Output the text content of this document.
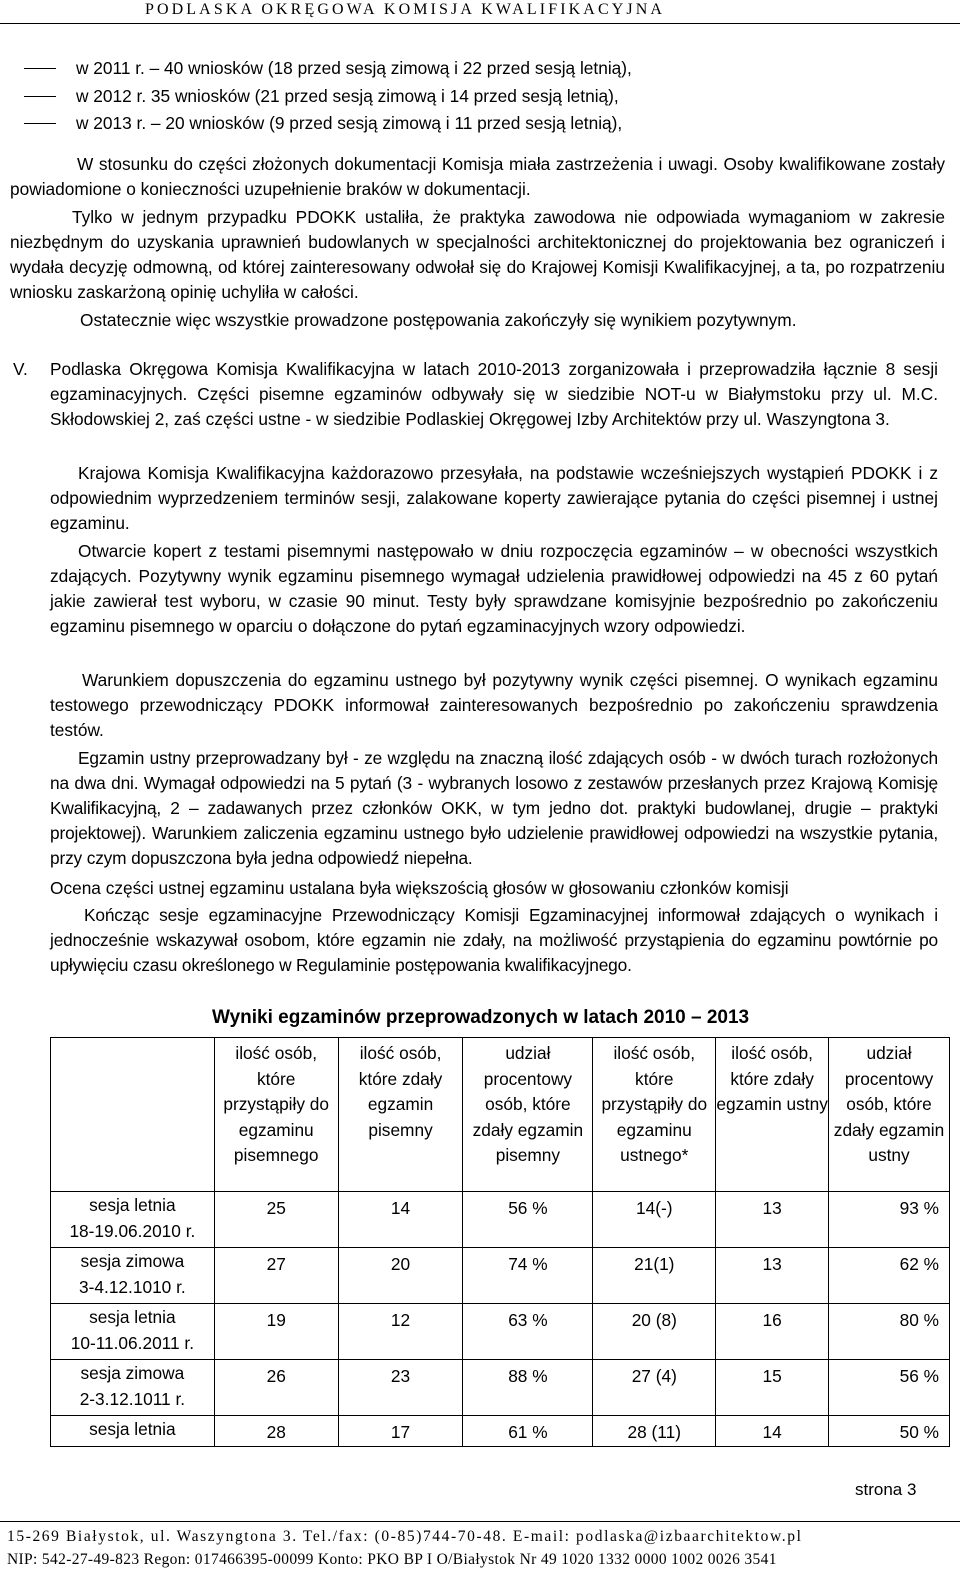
PODLASKA OKRĘGOWA KOMISJA KWALIFIKACYJNA
w 2011 r. – 40 wniosków (18 przed sesją zimową i 22 przed sesją letnią),
w 2012 r. 35 wniosków (21 przed sesją zimową i 14 przed sesją letnią),
w 2013 r. – 20 wniosków (9 przed sesją zimową i 11 przed sesją letnią),
W stosunku do części złożonych dokumentacji Komisja miała zastrzeżenia i uwagi. Osoby kwalifikowane zostały powiadomione o konieczności uzupełnienie braków w dokumentacji.
Tylko w jednym przypadku PDOKK ustaliła, że praktyka zawodowa nie odpowiada wymaganiom w zakresie niezbędnym do uzyskania uprawnień budowlanych w specjalności architektonicznej do projektowania bez ograniczeń i wydała decyzję odmowną, od której zainteresowany odwołał się do Krajowej Komisji Kwalifikacyjnej, a ta, po rozpatrzeniu wniosku zaskarżoną opinię uchyliła w całości.
Ostatecznie więc wszystkie prowadzone postępowania zakończyły się wynikiem pozytywnym.
V. Podlaska Okręgowa Komisja Kwalifikacyjna w latach 2010-2013 zorganizowała i przeprowadziła łącznie 8 sesji egzaminacyjnych. Części pisemne egzaminów odbywały się w siedzibie NOT-u w Białymstoku przy ul. M.C. Skłodowskiej 2, zaś części ustne - w siedzibie Podlaskiej Okręgowej Izby Architektów przy ul. Waszyngtona 3.
Krajowa Komisja Kwalifikacyjna każdorazowo przesyłała, na podstawie wcześniejszych wystąpień PDOKK i z odpowiednim wyprzedzeniem terminów sesji, zalakowane koperty zawierające pytania do części pisemnej i ustnej egzaminu.
Otwarcie kopert z testami pisemnymi następowało w dniu rozpoczęcia egzaminów – w obecności wszystkich zdających. Pozytywny wynik egzaminu pisemnego wymagał udzielenia prawidłowej odpowiedzi na 45 z 60 pytań jakie zawierał test wyboru, w czasie 90 minut. Testy były sprawdzane komisyjnie bezpośrednio po zakończeniu egzaminu pisemnego w oparciu o dołączone do pytań egzaminacyjnych wzory odpowiedzi.
Warunkiem dopuszczenia do egzaminu ustnego był pozytywny wynik części pisemnej. O wynikach egzaminu testowego przewodniczący PDOKK informował zainteresowanych bezpośrednio po zakończeniu sprawdzenia testów.
Egzamin ustny przeprowadzany był - ze względu na znaczną ilość zdających osób - w dwóch turach rozłożonych na dwa dni. Wymagał odpowiedzi na 5 pytań (3 - wybranych losowo z zestawów przesłanych przez Krajową Komisję Kwalifikacyjną, 2 – zadawanych przez członków OKK, w tym jedno dot. praktyki budowlanej, drugie – praktyki projektowej). Warunkiem zaliczenia egzaminu ustnego było udzielenie prawidłowej odpowiedzi na wszystkie pytania, przy czym dopuszczona była jedna odpowiedź niepełna.
Ocena części ustnej egzaminu ustalana była większością głosów w głosowaniu członków komisji
Kończąc sesje egzaminacyjne Przewodniczący Komisji Egzaminacyjnej informował zdających o wynikach i jednocześnie wskazywał osobom, które egzamin nie zdały, na możliwość przystąpienia do egzaminu powtórnie po upływięciu czasu określonego w Regulaminie postępowania kwalifikacyjnego.
Wyniki egzaminów przeprowadzonych w latach 2010 – 2013
	ilość osób, które przystąpiły do egzaminu pisemnego	ilość osób, które zdały egzamin pisemny	udział procentowy osób, które zdały egzamin pisemny	ilość osób, które przystąpiły do egzaminu ustnego*	ilość osób, które zdały egzamin ustny	udział procentowy osób, które zdały egzamin ustny
sesja letnia
18-19.06.2010 r.	25	14	56 %	14(-)	13	93 %
sesja zimowa
3-4.12.1010 r.	27	20	74 %	21(1)	13	62 %
sesja letnia
10-11.06.2011 r.	19	12	63 %	20 (8)	16	80 %
sesja zimowa
2-3.12.1011 r.	26	23	88 %	27 (4)	15	56 %
sesja letnia	28	17	61 %	28 (11)	14	50 %
strona 3
15-269 Białystok, ul. Waszyngtona 3. Tel./fax: (0-85)744-70-48. E-mail: podlaska@izbaarchitektow.pl
NIP: 542-27-49-823 Regon: 017466395-00099 Konto: PKO BP I O/Białystok Nr 49 1020 1332 0000 1002 0026 3541
